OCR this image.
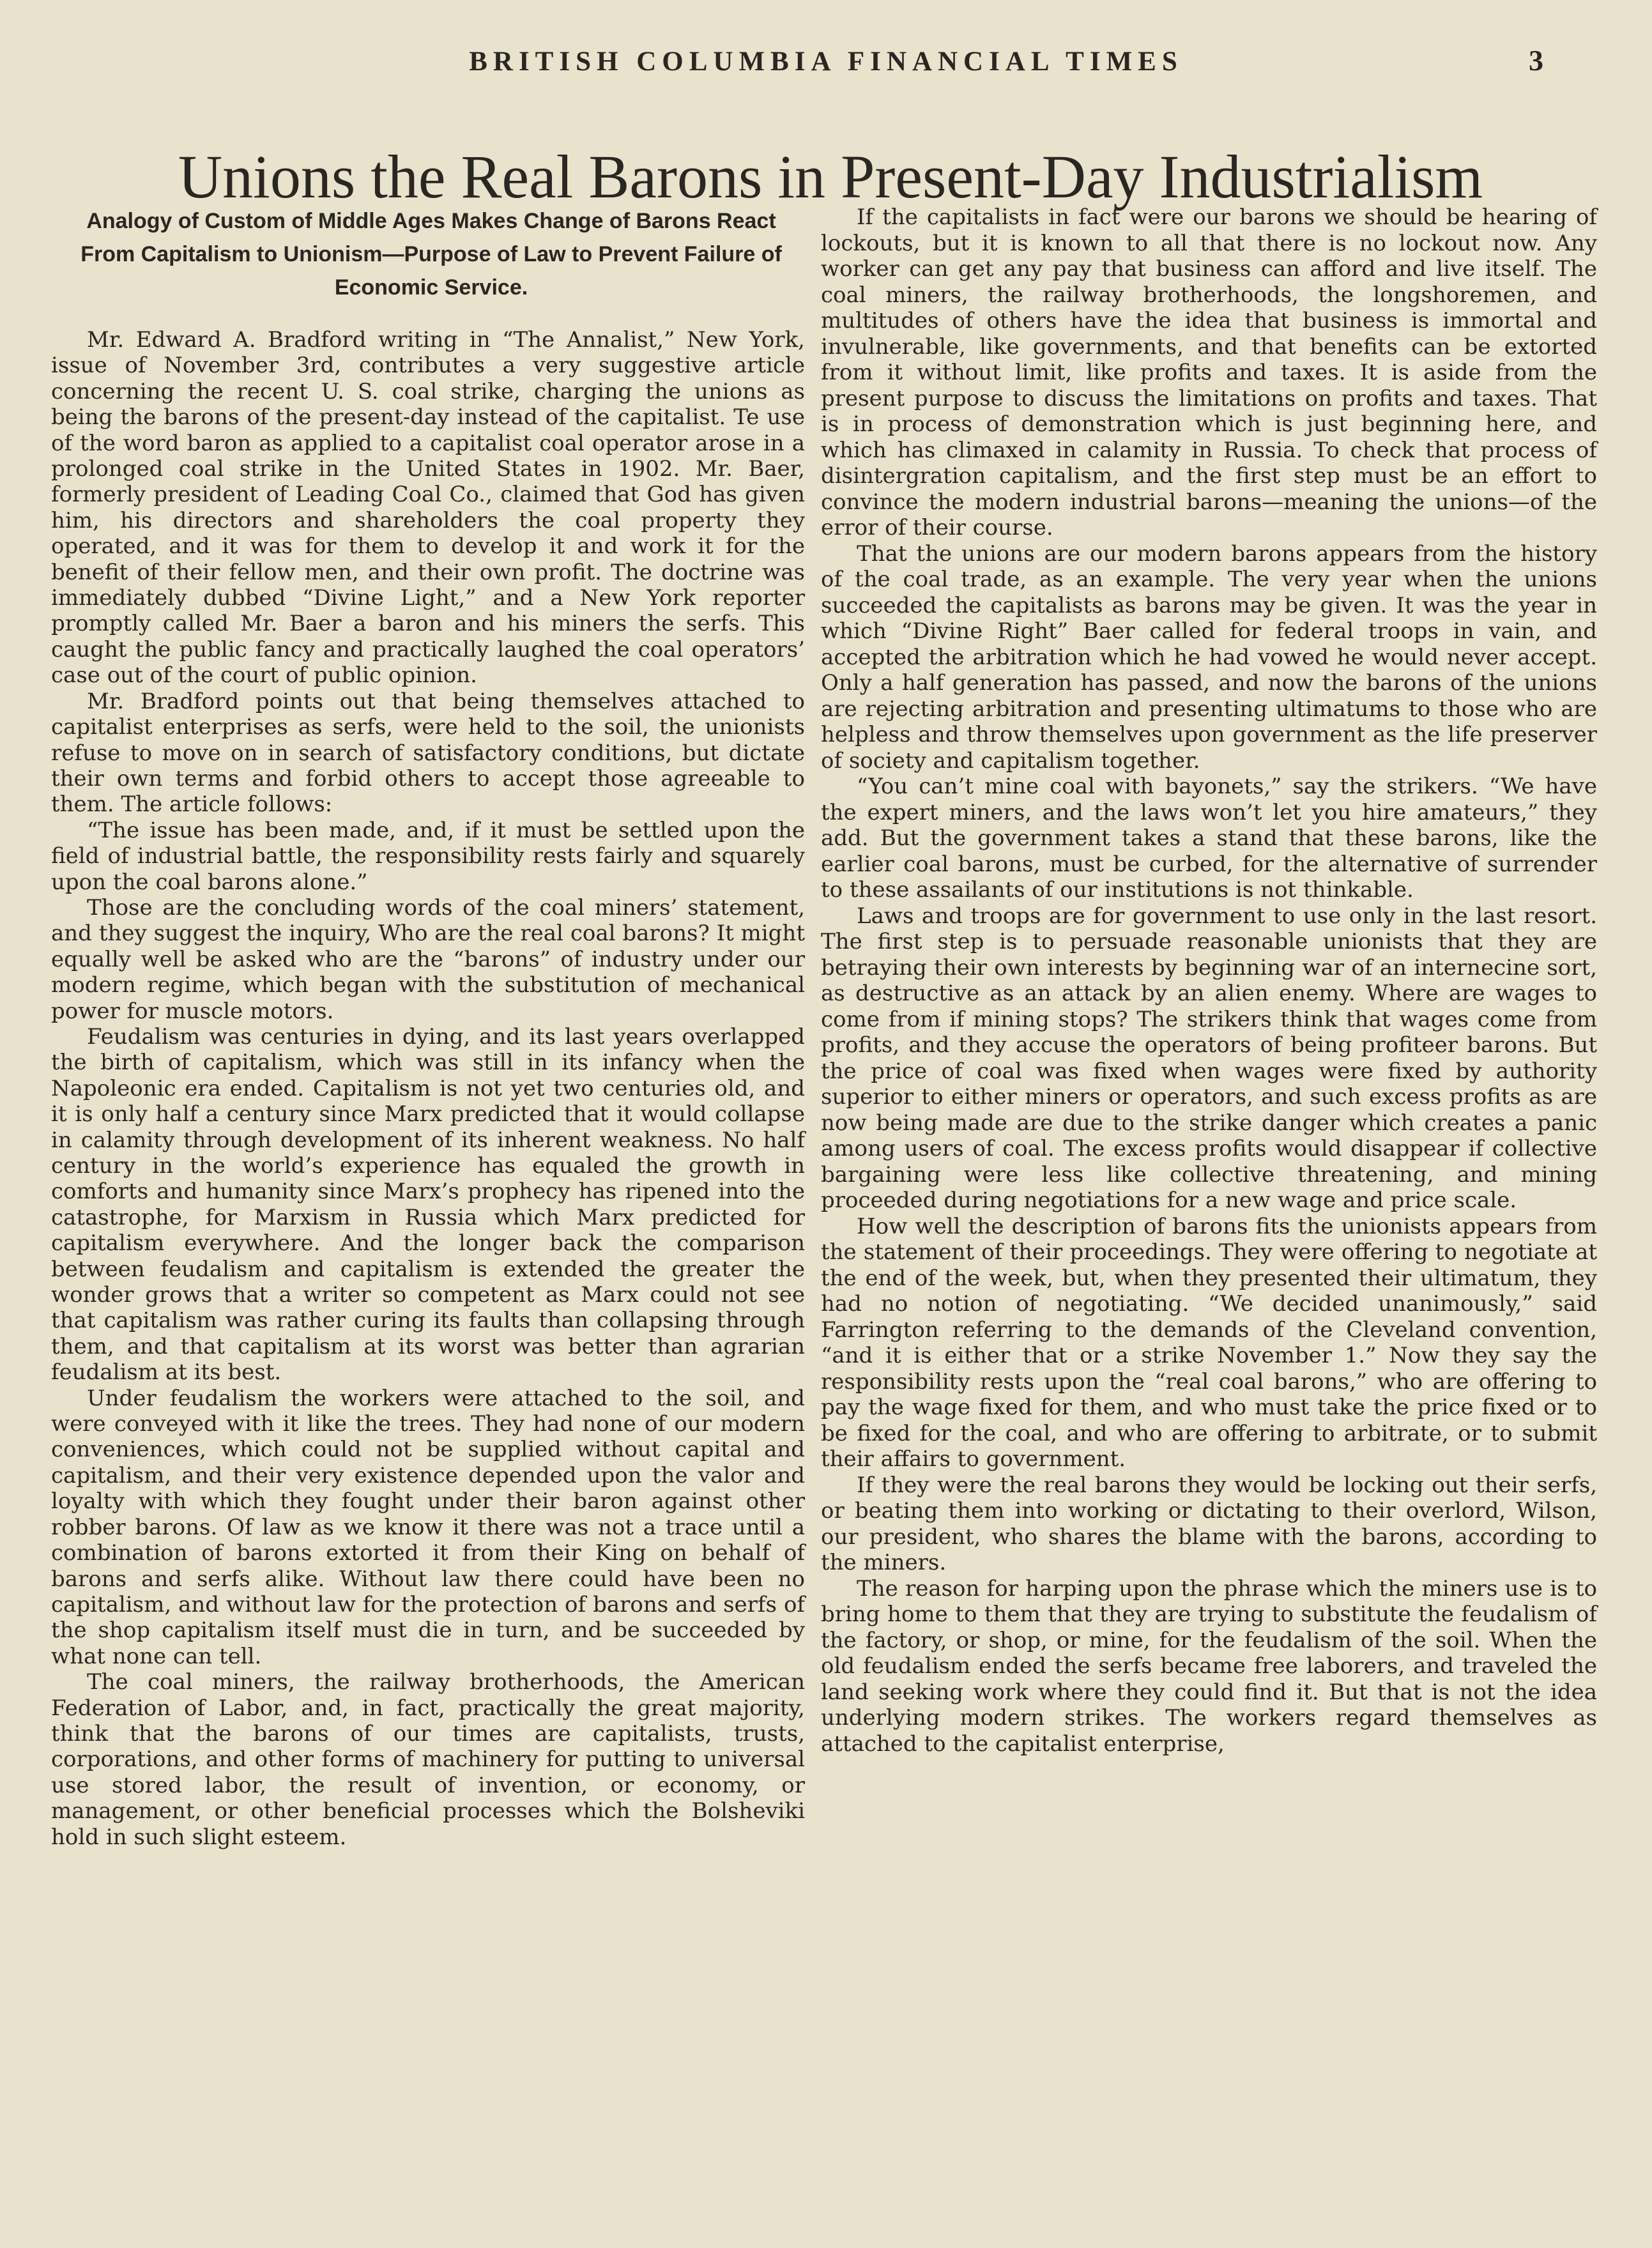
BRITISH COLUMBIA FINANCIAL TIMES	3
Unions the Real Barons in Present-Day Industrialism

Analogy of Custom of Middle Ages Makes Change of Barons React From Capitalism to Unionism—Purpose of Law to Prevent Failure of Economic Service.

Mr. Edward A. Bradford writing in “The Annalist,” New York, issue of November 3rd, contributes a very suggestive article concerning the recent U. S. coal strike, charging the unions as being the barons of the present-day instead of the capitalist. Te use of the word baron as applied to a capitalist coal operator arose in a prolonged coal strike in the United States in 1902. Mr. Baer, formerly president of Leading Coal Co., claimed that God has given him, his directors and shareholders the coal property they operated, and it was for them to develop it and work it for the benefit of their fellow men, and their own profit. The doctrine was immediately dubbed “Divine Light,” and a New York reporter promptly called Mr. Baer a baron and his miners the serfs. This caught the public fancy and practically laughed the coal operators’ case out of the court of public opinion.

Mr. Bradford points out that being themselves attached to capitalist enterprises as serfs, were held to the soil, the unionists refuse to move on in search of satisfactory conditions, but dictate their own terms and forbid others to accept those agreeable to them. The article follows:

“The issue has been made, and, if it must be settled upon the field of industrial battle, the responsibility rests fairly and squarely upon the coal barons alone.”

Those are the concluding words of the coal miners’ statement, and they suggest the inquiry, Who are the real coal barons? It might equally well be asked who are the “barons” of industry under our modern regime, which began with the substitution of mechanical power for muscle motors.

Feudalism was centuries in dying, and its last years overlapped the birth of capitalism, which was still in its infancy when the Napoleonic era ended. Capitalism is not yet two centuries old, and it is only half a century since Marx predicted that it would collapse in calamity through development of its inherent weakness. No half century in the world’s experience has equaled the growth in comforts and humanity since Marx’s prophecy has ripened into the catastrophe, for Marxism in Russia which Marx predicted for capitalism everywhere. And the longer back the comparison between feudalism and capitalism is extended the greater the wonder grows that a writer so competent as Marx could not see that capitalism was rather curing its faults than collapsing through them, and that capitalism at its worst was better than agrarian feudalism at its best.

Under feudalism the workers were attached to the soil, and were conveyed with it like the trees. They had none of our modern conveniences, which could not be supplied without capital and capitalism, and their very existence depended upon the valor and loyalty with which they fought under their baron against other robber barons. Of law as we know it there was not a trace until a combination of barons extorted it from their King on behalf of barons and serfs alike. Without law there could have been no capitalism, and without law for the protection of barons and serfs of the shop capitalism itself must die in turn, and be succeeded by what none can tell.

The coal miners, the railway brotherhoods, the American Federation of Labor, and, in fact, practically the great majority, think that the barons of our times are capitalists, trusts, corporations, and other forms of machinery for putting to universal use stored labor, the result of invention, or economy, or management, or other beneficial processes which the Bolsheviki hold in such slight esteem.

If the capitalists in fact were our barons we should be hearing of lockouts, but it is known to all that there is no lockout now. Any worker can get any pay that business can afford and live itself. The coal miners, the railway brotherhoods, the longshoremen, and multitudes of others have the idea that business is immortal and invulnerable, like governments, and that benefits can be extorted from it without limit, like profits and taxes. It is aside from the present purpose to discuss the limitations on profits and taxes. That is in process of demonstration which is just beginning here, and which has climaxed in calamity in Russia. To check that process of disintergration capitalism, and the first step must be an effort to convince the modern industrial barons—meaning the unions—of the error of their course.

That the unions are our modern barons appears from the history of the coal trade, as an example. The very year when the unions succeeded the capitalists as barons may be given. It was the year in which “Divine Right” Baer called for federal troops in vain, and accepted the arbitration which he had vowed he would never accept. Only a half generation has passed, and now the barons of the unions are rejecting arbitration and presenting ultimatums to those who are helpless and throw themselves upon government as the life preserver of society and capitalism together.

“You can’t mine coal with bayonets,” say the strikers. “We have the expert miners, and the laws won’t let you hire amateurs,” they add. But the government takes a stand that these barons, like the earlier coal barons, must be curbed, for the alternative of surrender to these assailants of our institutions is not thinkable.

Laws and troops are for government to use only in the last resort. The first step is to persuade reasonable unionists that they are betraying their own interests by beginning war of an internecine sort, as destructive as an attack by an alien enemy. Where are wages to come from if mining stops? The strikers think that wages come from profits, and they accuse the operators of being profiteer barons. But the price of coal was fixed when wages were fixed by authority superior to either miners or operators, and such excess profits as are now being made are due to the strike danger which creates a panic among users of coal. The excess profits would disappear if collective bargaining were less like collective threatening, and mining proceeded during negotiations for a new wage and price scale.

How well the description of barons fits the unionists appears from the statement of their proceedings. They were offering to negotiate at the end of the week, but, when they presented their ultimatum, they had no notion of negotiating. “We decided unanimously,” said Farrington referring to the demands of the Cleveland convention, “and it is either that or a strike November 1.” Now they say the responsibility rests upon the “real coal barons,” who are offering to pay the wage fixed for them, and who must take the price fixed or to be fixed for the coal, and who are offering to arbitrate, or to submit their affairs to government.

If they were the real barons they would be locking out their serfs, or beating them into working or dictating to their overlord, Wilson, our president, who shares the blame with the barons, according to the miners.

The reason for harping upon the phrase which the miners use is to bring home to them that they are trying to substitute the feudalism of the factory, or shop, or mine, for the feudalism of the soil. When the old feudalism ended the serfs became free laborers, and traveled the land seeking work where they could find it. But that is not the idea underlying modern strikes. The workers regard themselves as attached to the capitalist enterprise,
